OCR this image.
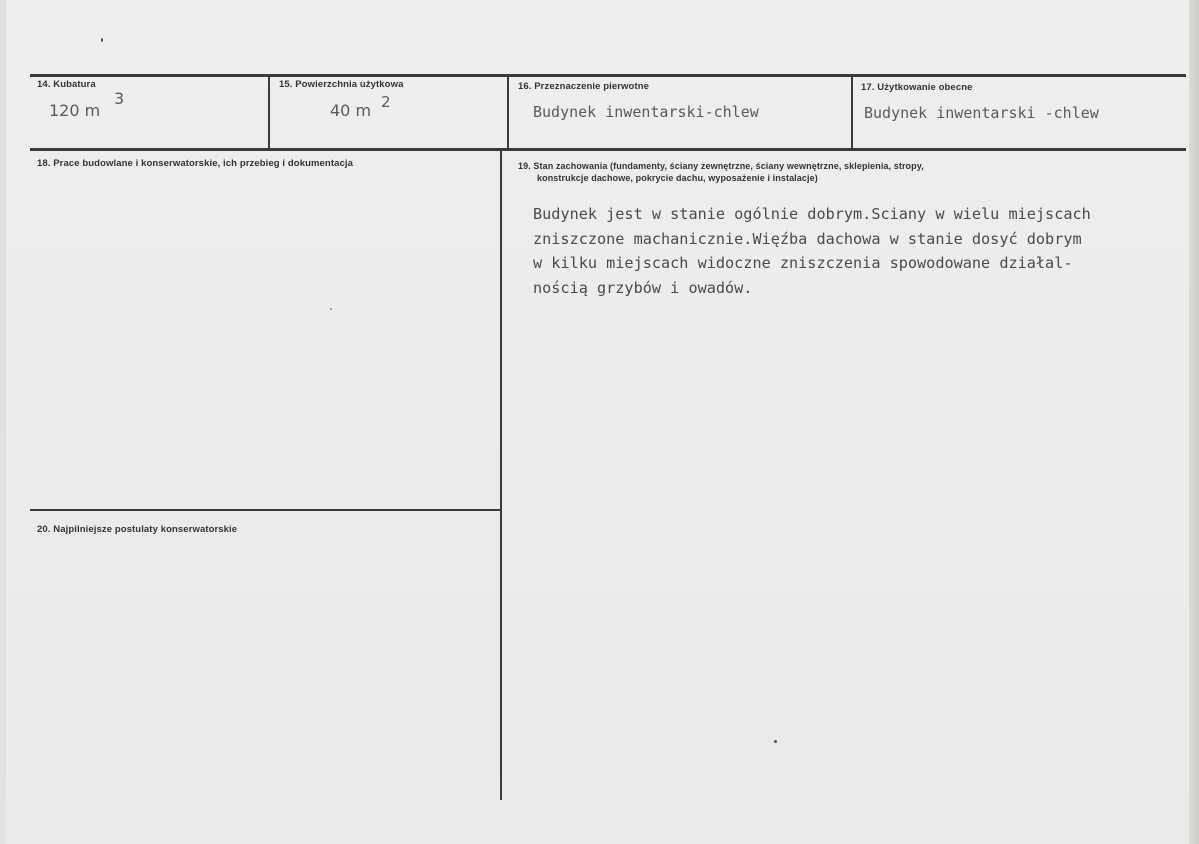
14. Kubatura
120 m
3
15. Powierzchnia użytkowa
40 m 2
16. Przeznaczenie pierwotne
Budynek inwentarski-chlew
17. Użytkowanie obecne
Budynek inwentarski -chlew
18. Prace budowlane i konserwatorskie, ich przebieg i dokumentacja	19. Stan zachowania (fundamenty, ściany zewnętrzne, ściany wewnętrzne, sklepienia, stropy,
konstrukcje dachowe, pokrycie dachu, wyposażenie i instalacje)
Budynek jest w stanie ogólnie dobrym.Sciany w wielu miejscach
zniszczone machanicznie.Więźba dachowa w stanie dosyć dobrym
w kilku miejscach widoczne zniszczenia spowodowane działal-
nością grzybów i owadów.
20. Najpilniejsze postulaty konserwatorskie
